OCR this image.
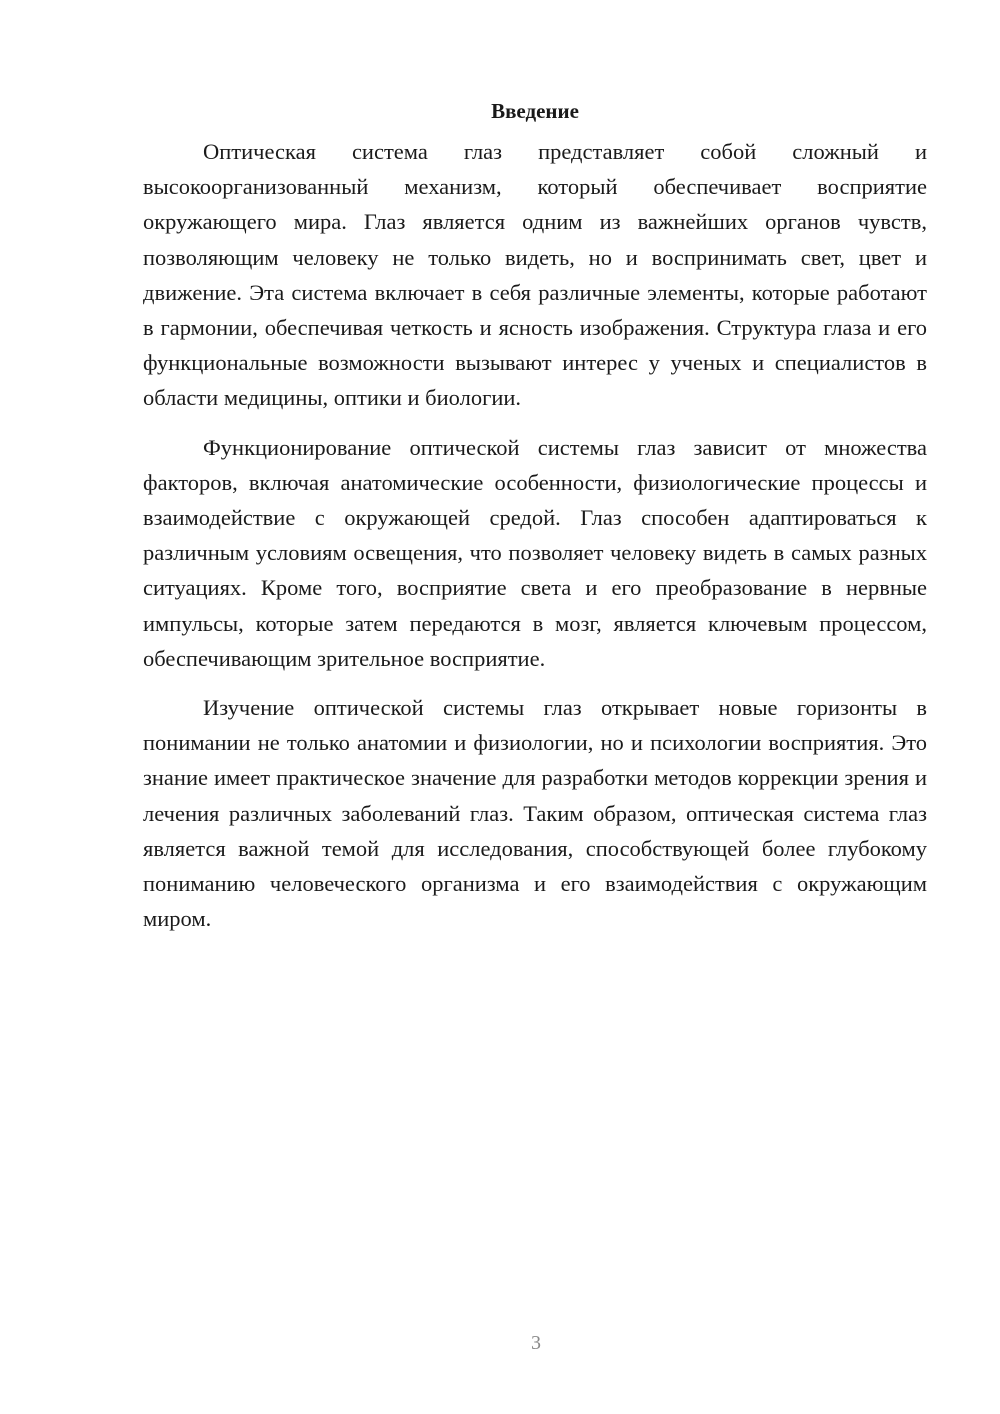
Введение

Оптическая система глаз представляет собой сложный и высокоорганизованный механизм, который обеспечивает восприятие окружающего мира. Глаз является одним из важнейших органов чувств, позволяющим человеку не только видеть, но и воспринимать свет, цвет и движение. Эта система включает в себя различные элементы, которые работают в гармонии, обеспечивая четкость и ясность изображения. Структура глаза и его функциональные возможности вызывают интерес у ученых и специалистов в области медицины, оптики и биологии.

Функционирование оптической системы глаз зависит от множества факторов, включая анатомические особенности, физиологические процессы и взаимодействие с окружающей средой. Глаз способен адаптироваться к различным условиям освещения, что позволяет человеку видеть в самых разных ситуациях. Кроме того, восприятие света и его преобразование в нервные импульсы, которые затем передаются в мозг, является ключевым процессом, обеспечивающим зрительное восприятие.

Изучение оптической системы глаз открывает новые горизонты в понимании не только анатомии и физиологии, но и психологии восприятия. Это знание имеет практическое значение для разработки методов коррекции зрения и лечения различных заболеваний глаз. Таким образом, оптическая система глаз является важной темой для исследования, способствующей более глубокому пониманию человеческого организма и его взаимодействия с окружающим миром.

3
